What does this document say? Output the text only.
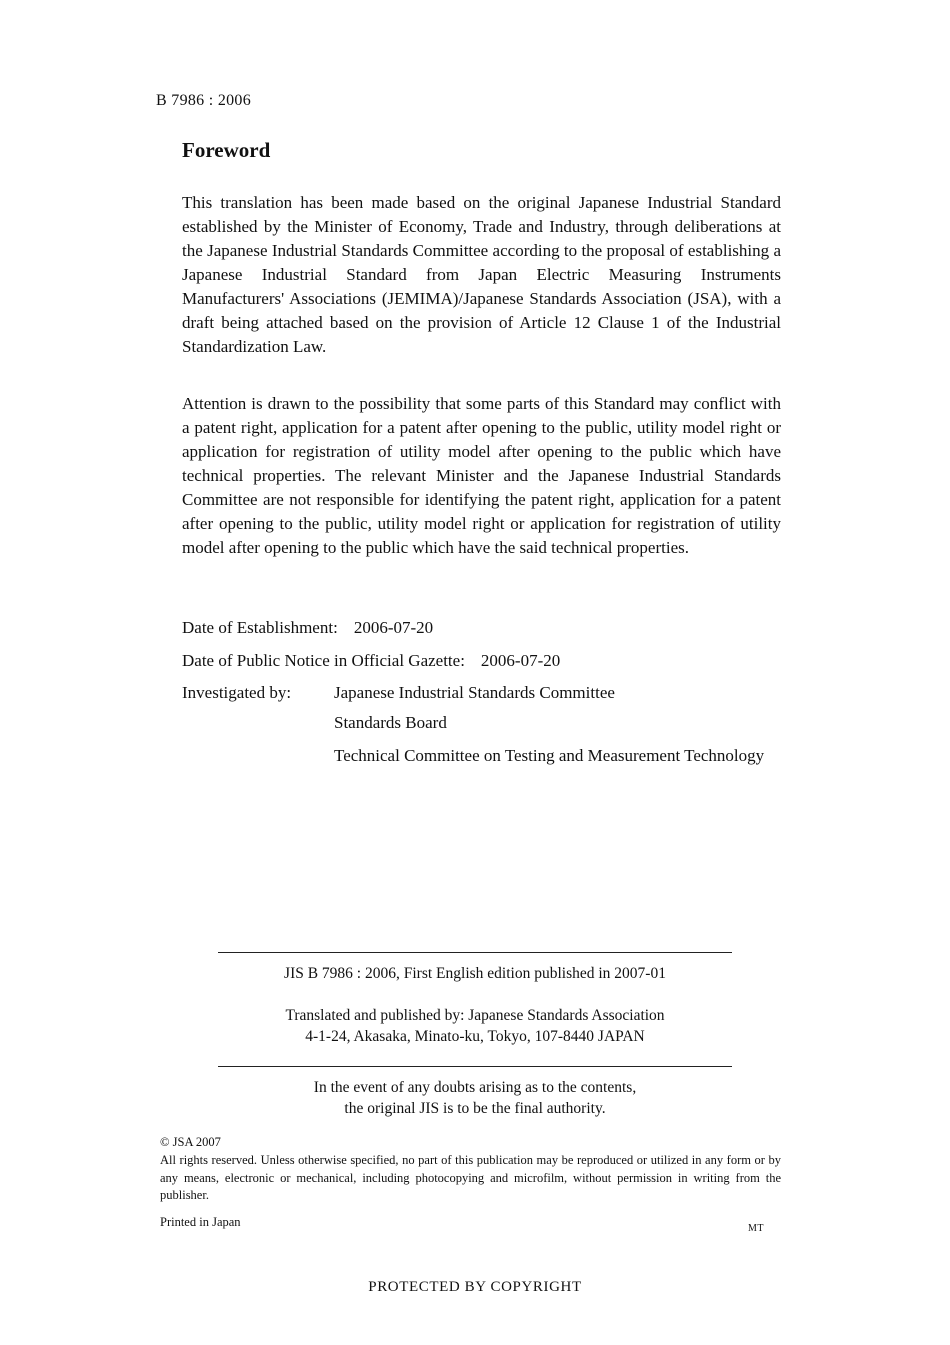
B 7986 : 2006
Foreword

This translation has been made based on the original Japanese Industrial Standard established by the Minister of Economy, Trade and Industry, through deliberations at the Japanese Industrial Standards Committee according to the proposal of establishing a Japanese Industrial Standard from Japan Electric Measuring Instruments Manufacturers' Associations (JEMIMA)/Japanese Standards Association (JSA), with a draft being attached based on the provision of Article 12 Clause 1 of the Industrial Standardization Law.

Attention is drawn to the possibility that some parts of this Standard may conflict with a patent right, application for a patent after opening to the public, utility model right or application for registration of utility model after opening to the public which have technical properties. The relevant Minister and the Japanese Industrial Standards Committee are not responsible for identifying the patent right, application for a patent after opening to the public, utility model right or application for registration of utility model after opening to the public which have the said technical properties.

Date of Establishment: 2006-07-20
Date of Public Notice in Official Gazette: 2006-07-20
Investigated by:	Japanese Industrial Standards Committee
Standards Board
Technical Committee on Testing and Measurement Technology
JIS B 7986 : 2006, First English edition published in 2007-01
Translated and published by: Japanese Standards Association
4-1-24, Akasaka, Minato-ku, Tokyo, 107-8440 JAPAN
In the event of any doubts arising as to the contents,
the original JIS is to be the final authority.
© JSA 2007
All rights reserved. Unless otherwise specified, no part of this publication may be reproduced or utilized in any form or by any means, electronic or mechanical, including photocopying and microfilm, without permission in writing from the publisher.
Printed in Japan	MT
PROTECTED BY COPYRIGHT
